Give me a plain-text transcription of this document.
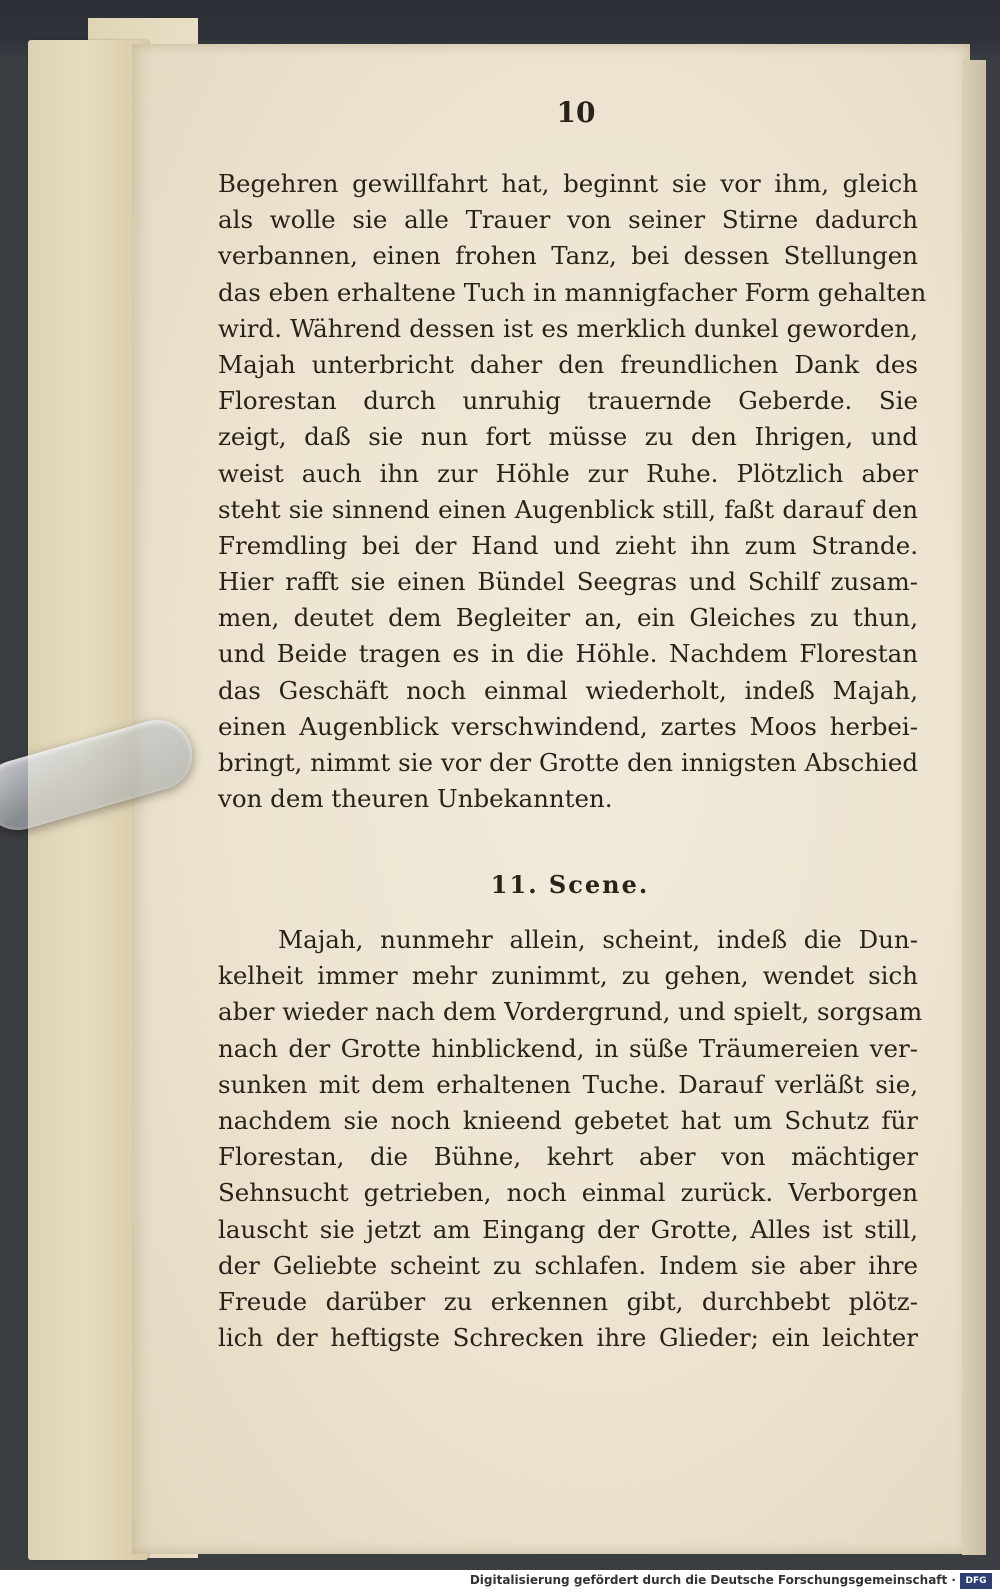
10
Begehren gewillfahrt hat, beginnt sie vor ihm, gleich
als wolle sie alle Trauer von seiner Stirne dadurch
verbannen, einen frohen Tanz, bei dessen Stellungen
das eben erhaltene Tuch in mannigfacher Form gehalten
wird. Während dessen ist es merklich dunkel geworden,
Majah unterbricht daher den freundlichen Dank des
Florestan durch unruhig trauernde Geberde. Sie
zeigt, daß sie nun fort müsse zu den Ihrigen, und
weist auch ihn zur Höhle zur Ruhe. Plötzlich aber
steht sie sinnend einen Augenblick still, faßt darauf den
Fremdling bei der Hand und zieht ihn zum Strande.
Hier rafft sie einen Bündel Seegras und Schilf zusam-
men, deutet dem Begleiter an, ein Gleiches zu thun,
und Beide tragen es in die Höhle. Nachdem Florestan
das Geschäft noch einmal wiederholt, indeß Majah,
einen Augenblick verschwindend, zartes Moos herbei-
bringt, nimmt sie vor der Grotte den innigsten Abschied
von dem theuren Unbekannten.
11. Scene.
Majah, nunmehr allein, scheint, indeß die Dun-
kelheit immer mehr zunimmt, zu gehen, wendet sich
aber wieder nach dem Vordergrund, und spielt, sorgsam
nach der Grotte hinblickend, in süße Träumereien ver-
sunken mit dem erhaltenen Tuche. Darauf verläßt sie,
nachdem sie noch knieend gebetet hat um Schutz für
Florestan, die Bühne, kehrt aber von mächtiger
Sehnsucht getrieben, noch einmal zurück. Verborgen
lauscht sie jetzt am Eingang der Grotte, Alles ist still,
der Geliebte scheint zu schlafen. Indem sie aber ihre
Freude darüber zu erkennen gibt, durchbebt plötz-
lich der heftigste Schrecken ihre Glieder; ein leichter
Digitalisierung gefördert durch die Deutsche Forschungsgemeinschaft ·	DFG
